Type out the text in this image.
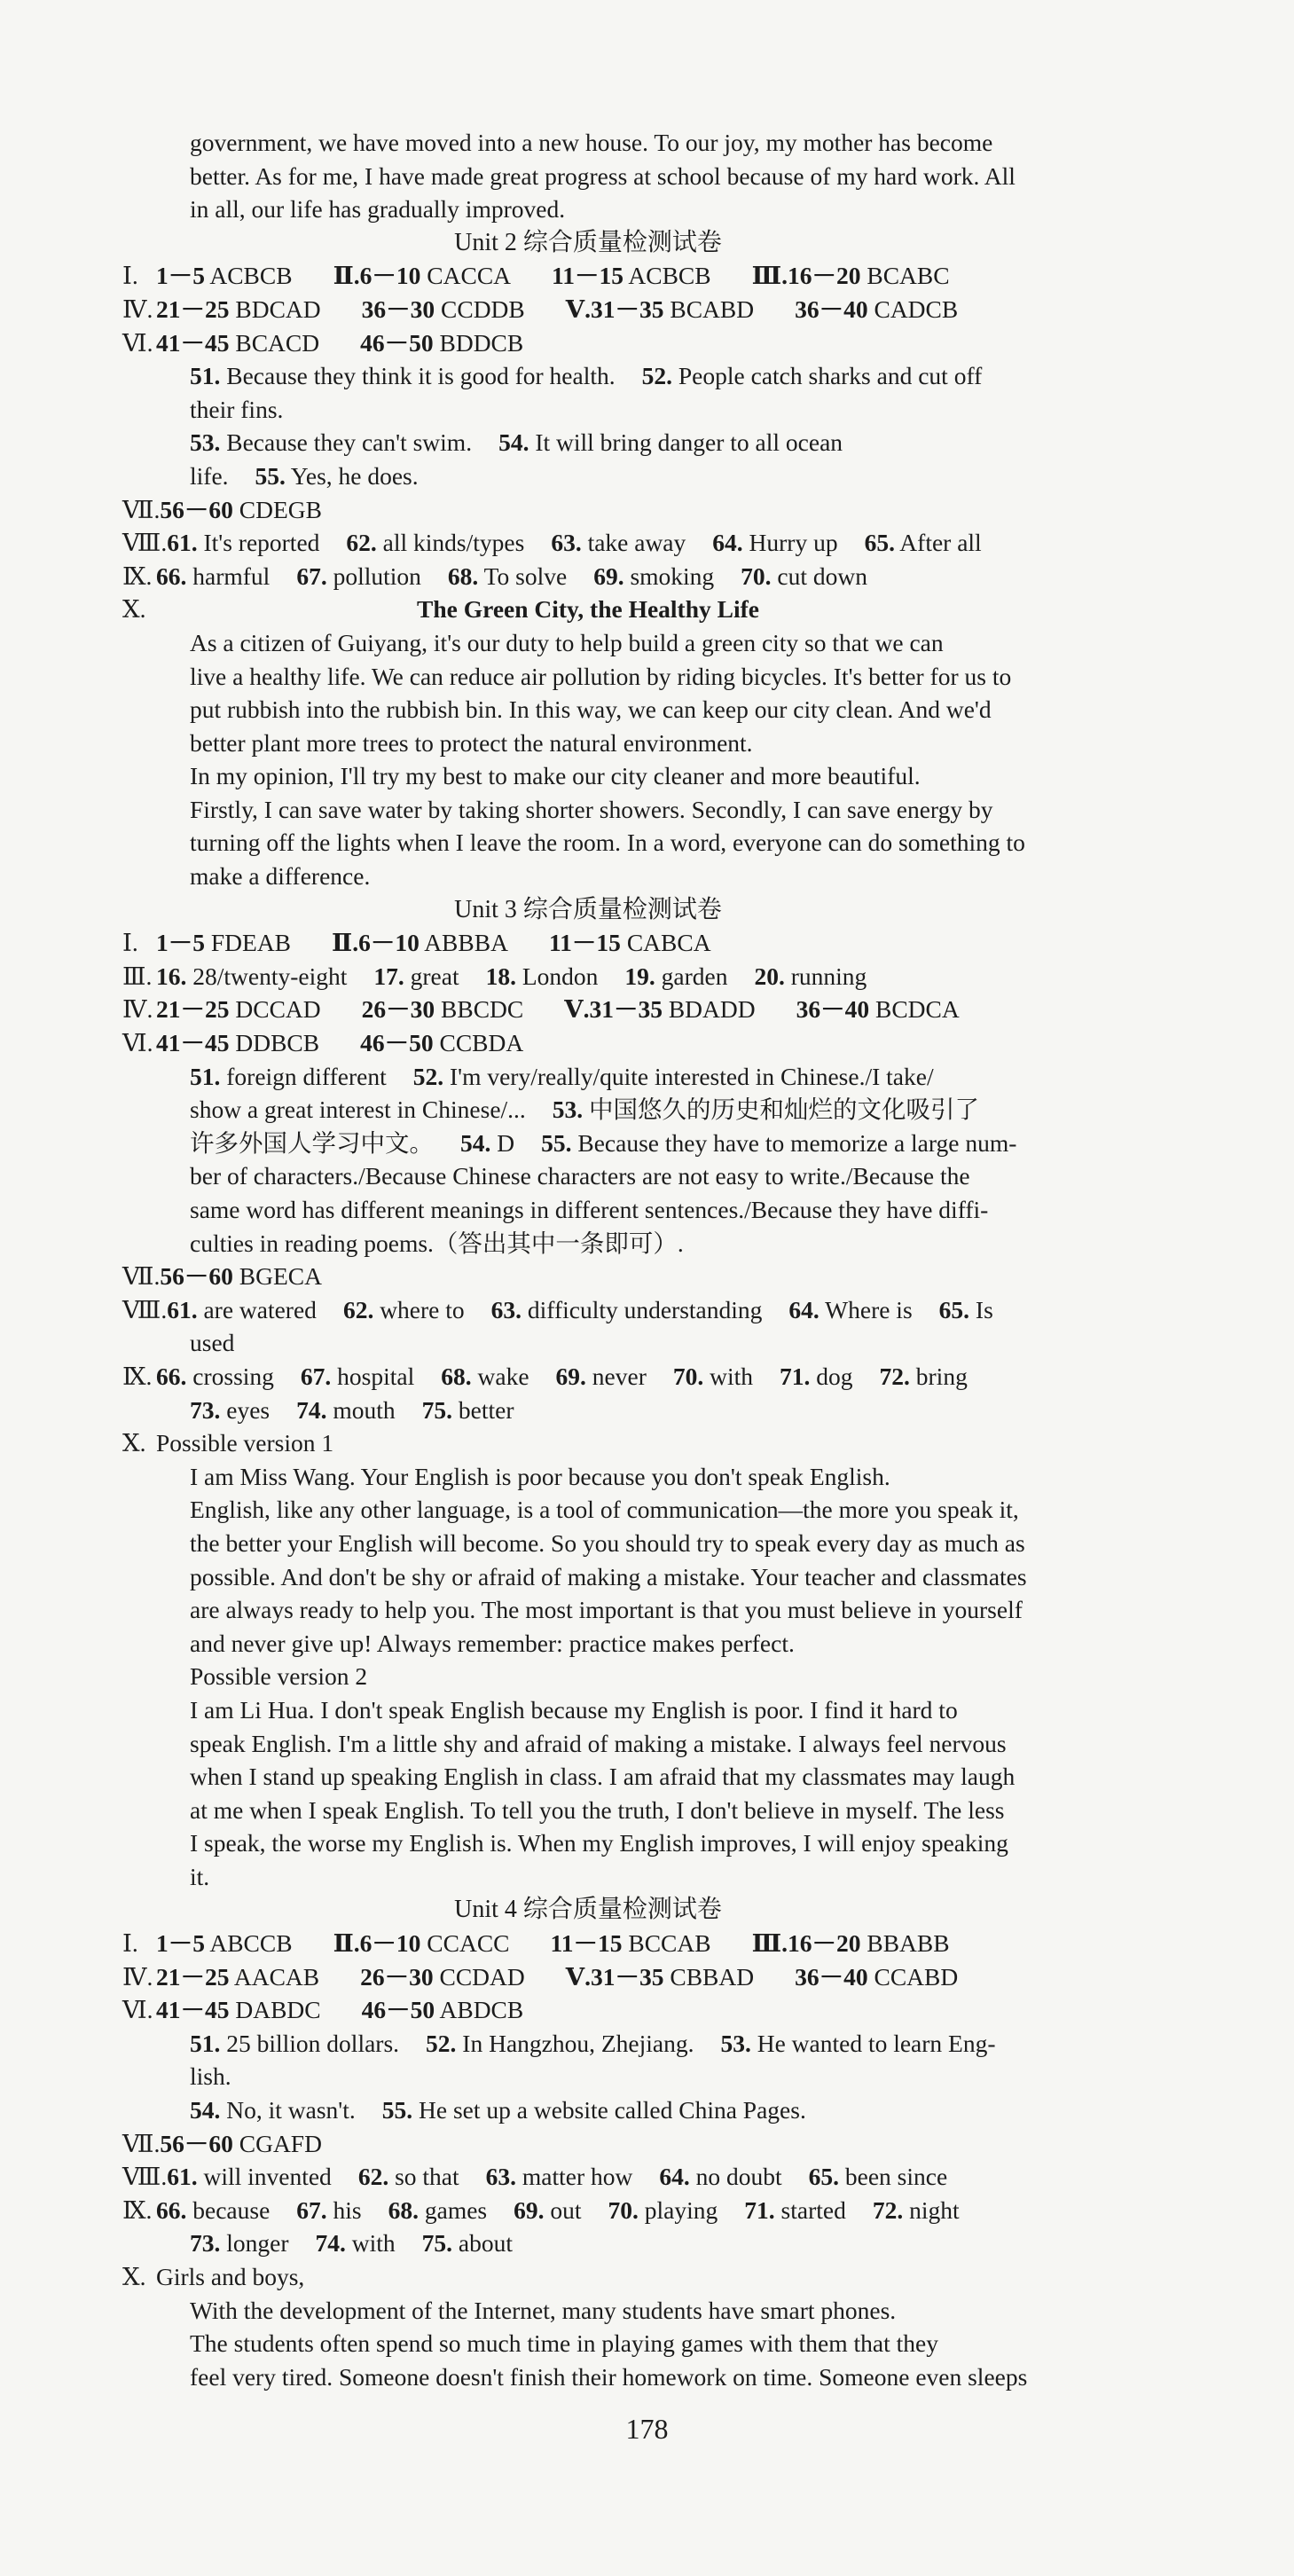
government, we have moved into a new house. To our joy, my mother has become
better. As for me, I have made great progress at school because of my hard work. All
in all, our life has gradually improved.
Unit 2 综合质量检测试卷
Ⅰ. 1－5 ACBCB Ⅱ.6－10 CACCA 11－15 ACBCB Ⅲ.16－20 BCABC
Ⅳ. 21－25 BDCAD 36－30 CCDDB Ⅴ.31－35 BCABD 36－40 CADCB
Ⅵ. 41－45 BCACD 46－50 BDDCB
51. Because they think it is good for health. 52. People catch sharks and cut off
their fins.
53. Because they can't swim. 54. It will bring danger to all ocean
life. 55. Yes, he does.
Ⅶ.56－60 CDEGB
Ⅷ.61. It's reported 62. all kinds/types 63. take away 64. Hurry up 65. After all
Ⅸ. 66. harmful 67. pollution 68. To solve 69. smoking 70. cut down
Ⅹ.	The Green City, the Healthy Life
As a citizen of Guiyang, it's our duty to help build a green city so that we can
live a healthy life. We can reduce air pollution by riding bicycles. It's better for us to
put rubbish into the rubbish bin. In this way, we can keep our city clean. And we'd
better plant more trees to protect the natural environment.
In my opinion, I'll try my best to make our city cleaner and more beautiful.
Firstly, I can save water by taking shorter showers. Secondly, I can save energy by
turning off the lights when I leave the room. In a word, everyone can do something to
make a difference.
Unit 3 综合质量检测试卷
Ⅰ. 1－5 FDEAB Ⅱ.6－10 ABBBA 11－15 CABCA
Ⅲ. 16. 28/twenty-eight 17. great 18. London 19. garden 20. running
Ⅳ. 21－25 DCCAD 26－30 BBCDC Ⅴ.31－35 BDADD 36－40 BCDCA
Ⅵ. 41－45 DDBCB 46－50 CCBDA
51. foreign different 52. I'm very/really/quite interested in Chinese./I take/
show a great interest in Chinese/... 53. 中国悠久的历史和灿烂的文化吸引了
许多外国人学习中文。 54. D 55. Because they have to memorize a large num-
ber of characters./Because Chinese characters are not easy to write./Because the
same word has different meanings in different sentences./Because they have diffi-
culties in reading poems.（答出其中一条即可）.
Ⅶ.56－60 BGECA
Ⅷ.61. are watered 62. where to 63. difficulty understanding 64. Where is 65. Is
used
Ⅸ. 66. crossing 67. hospital 68. wake 69. never 70. with 71. dog 72. bring
73. eyes 74. mouth 75. better
Ⅹ. Possible version 1
I am Miss Wang. Your English is poor because you don't speak English.
English, like any other language, is a tool of communication—the more you speak it,
the better your English will become. So you should try to speak every day as much as
possible. And don't be shy or afraid of making a mistake. Your teacher and classmates
are always ready to help you. The most important is that you must believe in yourself
and never give up! Always remember: practice makes perfect.
Possible version 2
I am Li Hua. I don't speak English because my English is poor. I find it hard to
speak English. I'm a little shy and afraid of making a mistake. I always feel nervous
when I stand up speaking English in class. I am afraid that my classmates may laugh
at me when I speak English. To tell you the truth, I don't believe in myself. The less
I speak, the worse my English is. When my English improves, I will enjoy speaking
it.
Unit 4 综合质量检测试卷
Ⅰ. 1－5 ABCCB Ⅱ.6－10 CCACC 11－15 BCCAB Ⅲ.16－20 BBABB
Ⅳ. 21－25 AACAB 26－30 CCDAD Ⅴ.31－35 CBBAD 36－40 CCABD
Ⅵ. 41－45 DABDC 46－50 ABDCB
51. 25 billion dollars. 52. In Hangzhou, Zhejiang. 53. He wanted to learn Eng-
lish.
54. No, it wasn't. 55. He set up a website called China Pages.
Ⅶ.56－60 CGAFD
Ⅷ.61. will invented 62. so that 63. matter how 64. no doubt 65. been since
Ⅸ. 66. because 67. his 68. games 69. out 70. playing 71. started 72. night
73. longer 74. with 75. about
Ⅹ. Girls and boys,
With the development of the Internet, many students have smart phones.
The students often spend so much time in playing games with them that they
feel very tired. Someone doesn't finish their homework on time. Someone even sleeps
178
